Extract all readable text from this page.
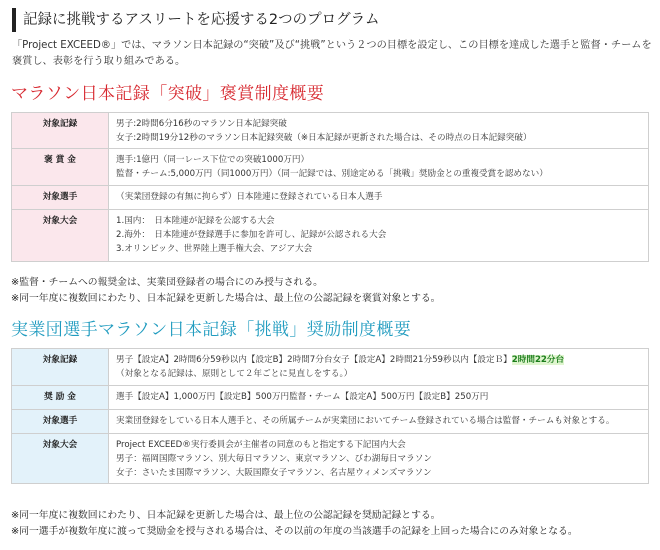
記録に挑戦するアスリートを応援する2つのプログラム
「Project EXCEED®」では、マラソン日本記録の“突破”及び“挑戦”という２つの目標を設定し、この目標を達成した選手と監督・チームを褒賞し、表彰を行う取り組みである。
マラソン日本記録「突破」褒賞制度概要
対象記録	男子:2時間6分16秒のマラソン日本記録突破
女子:2時間19分12秒のマラソン日本記録突破（※日本記録が更新された場合は、その時点の日本記録突破）

褒 賞 金	選手:1億円（同一レース下位での突破1000万円）
監督・チーム:5,000万円（同1000万円）（同一記録では、別途定める「挑戦」奨励金との重複受賞を認めない）

対象選手	（実業団登録の有無に拘らず）日本陸連に登録されている日本人選手

対象大会	1.国内：　日本陸連が記録を公認する大会
2.海外：　日本陸連が登録選手に参加を許可し、記録が公認される大会
3.オリンピック、世界陸上選手権大会、アジア大会
※監督・チームへの報奨金は、実業団登録者の場合にのみ授与される。
※同一年度に複数回にわたり、日本記録を更新した場合は、最上位の公認記録を褒賞対象とする。
実業団選手マラソン日本記録「挑戦」奨励制度概要
対象記録	男子【設定A】2時間6分59秒以内【設定B】2時間7分台女子【設定A】2時間21分59秒以内【設定Ｂ】2時間22分台
（対象となる記録は、原則として２年ごとに見直しをする。）

奨 励 金	選手【設定A】1,000万円【設定B】500万円監督・チーム【設定A】500万円【設定B】250万円

対象選手	実業団登録をしている日本人選手と、その所属チームが実業団においてチーム登録されている場合は監督・チームも対象とする。

対象大会	Project EXCEED®実行委員会が主催者の同意のもと指定する下記国内大会
男子：福岡国際マラソン、別大毎日マラソン、東京マラソン、びわ湖毎日マラソン
女子：さいたま国際マラソン、大阪国際女子マラソン、名古屋ウィメンズマラソン
※同一年度に複数回にわたり、日本記録を更新した場合は、最上位の公認記録を奨励記録とする。
※同一選手が複数年度に渡って奨励金を授与される場合は、その以前の年度の当該選手の記録を上回った場合にのみ対象となる。
